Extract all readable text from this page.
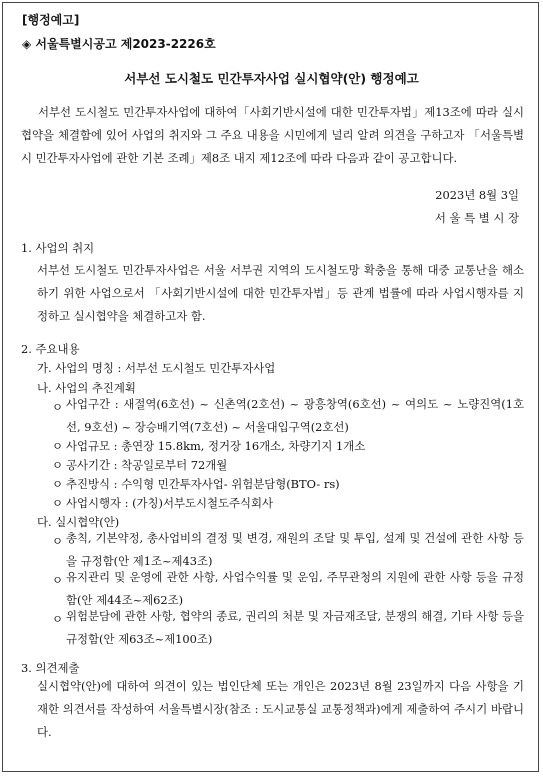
[행정예고]
◈ 서울특별시공고 제2023-2226호
서부선 도시철도 민간투자사업 실시협약(안) 행정예고
서부선 도시철도 민간투자사업에 대하여「사회기반시설에 대한 민간투자법」제13조에 따라 실시협약을 체결함에 있어 사업의 취지와 그 주요 내용을 시민에게 널리 알려 의견을 구하고자 「서울특별시 민간투자사업에 관한 기본 조례」제8조 내지 제12조에 따라 다음과 같이 공고합니다.
2023년 8월 3일
서 울 특 별 시 장
1. 사업의 취지
서부선 도시철도 민간투자사업은 서울 서부권 지역의 도시철도망 확충을 통해 대중 교통난을 해소하기 위한 사업으로서 「사회기반시설에 대한 민간투자법」등 관계 법률에 따라 사업시행자를 지정하고 실시협약을 체결하고자 함.
2. 주요내용
가. 사업의 명칭 : 서부선 도시철도 민간투자사업
나. 사업의 추진계획
ㅇ 사업구간 : 새절역(6호선) ~ 신촌역(2호선) ~ 광흥창역(6호선) ~ 여의도 ~ 노량진역(1호선, 9호선) ~ 장승배기역(7호선) ~ 서울대입구역(2호선)
ㅇ 사업규모 : 총연장 15.8km, 정거장 16개소, 차량기지 1개소
ㅇ 공사기간 : 착공일로부터 72개월
ㅇ 추진방식 : 수익형 민간투자사업- 위험분담형(BTO- rs)
ㅇ 사업시행자 : (가칭)서부도시철도주식회사
다. 실시협약(안)
ㅇ 총칙, 기본약정, 총사업비의 결정 및 변경, 재원의 조달 및 투입, 설계 및 건설에 관한 사항 등을 규정함(안 제1조~제43조)
ㅇ 유지관리 및 운영에 관한 사항, 사업수익률 및 운임, 주무관청의 지원에 관한 사항 등을 규정함(안 제44조~제62조)
ㅇ 위험분담에 관한 사항, 협약의 종료, 권리의 처분 및 자금재조달, 분쟁의 해결, 기타 사항 등을 규정함(안 제63조~제100조)
3. 의견제출
실시협약(안)에 대하여 의견이 있는 법인단체 또는 개인은 2023년 8월 23일까지 다음 사항을 기재한 의견서를 작성하여 서울특별시장(참조 : 도시교통실 교통정책과)에게 제출하여 주시기 바랍니다.
